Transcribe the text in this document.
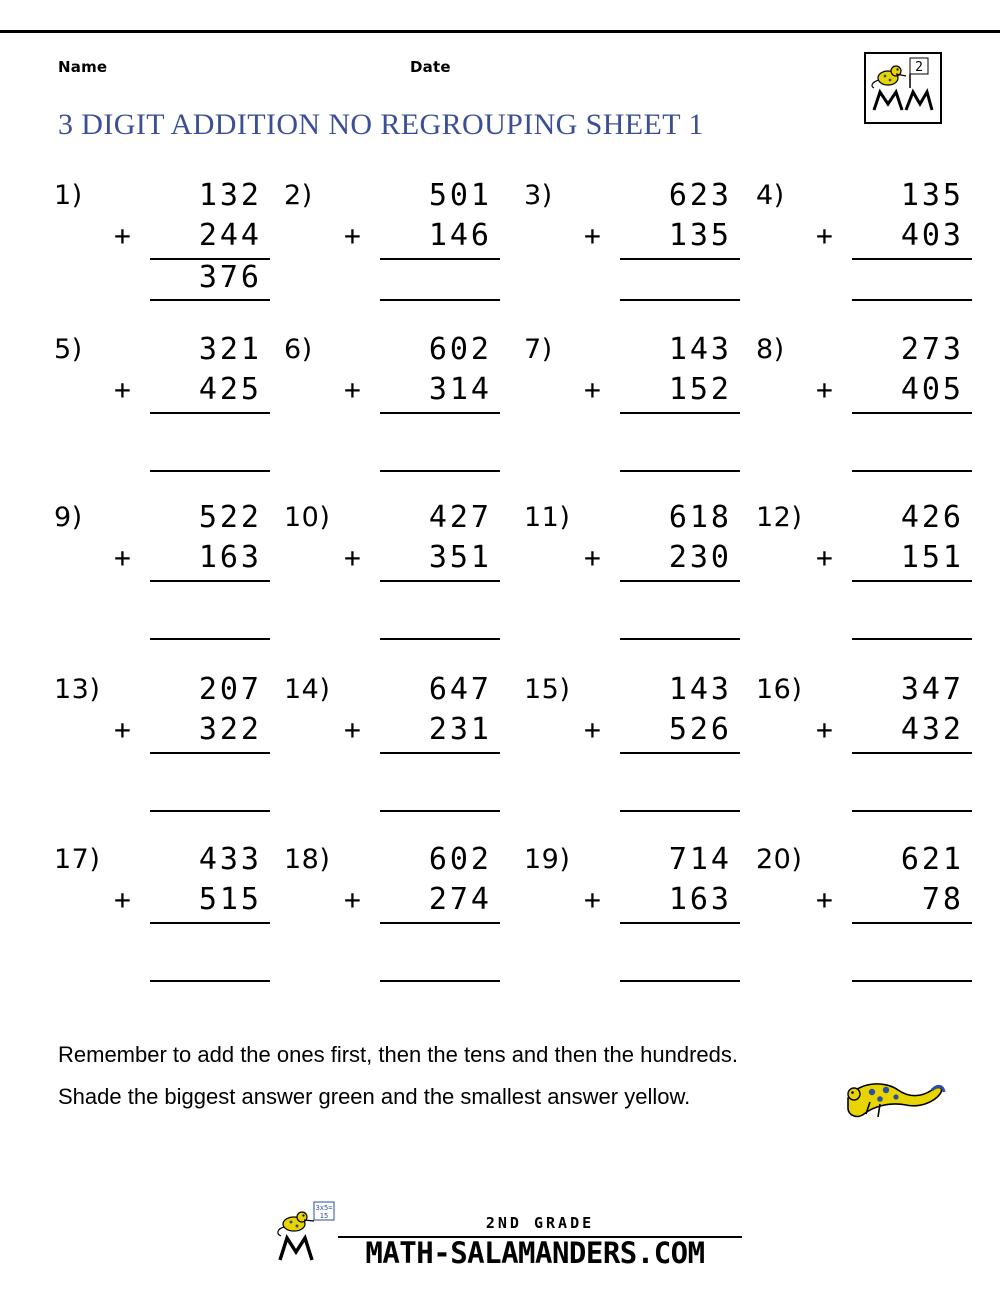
Name	Date	2
3 DIGIT ADDITION NO REGROUPING SHEET 1
1)	132
+ 244
376
2)	501
+ 146
3)	623
+ 135
4)	135
+ 403
5)	321
+ 425
6)	602
+ 314
7)	143
+ 152
8)	273
+ 405
9)	522
+ 163
10)	427
+ 351
11)	618
+ 230
12)	426
+ 151
13)	207
+ 322
14)	647
+ 231
15)	143
+ 526
16)	347
+ 432
17)	433
+ 515
18)	602
+ 274
19)	714
+ 163
20)	621
+	78
Remember to add the ones first, then the tens and then the hundreds.
Shade the biggest answer green and the smallest answer yellow.
3x5=
15	2ND GRADE
MATH-SALAMANDERS.COM
